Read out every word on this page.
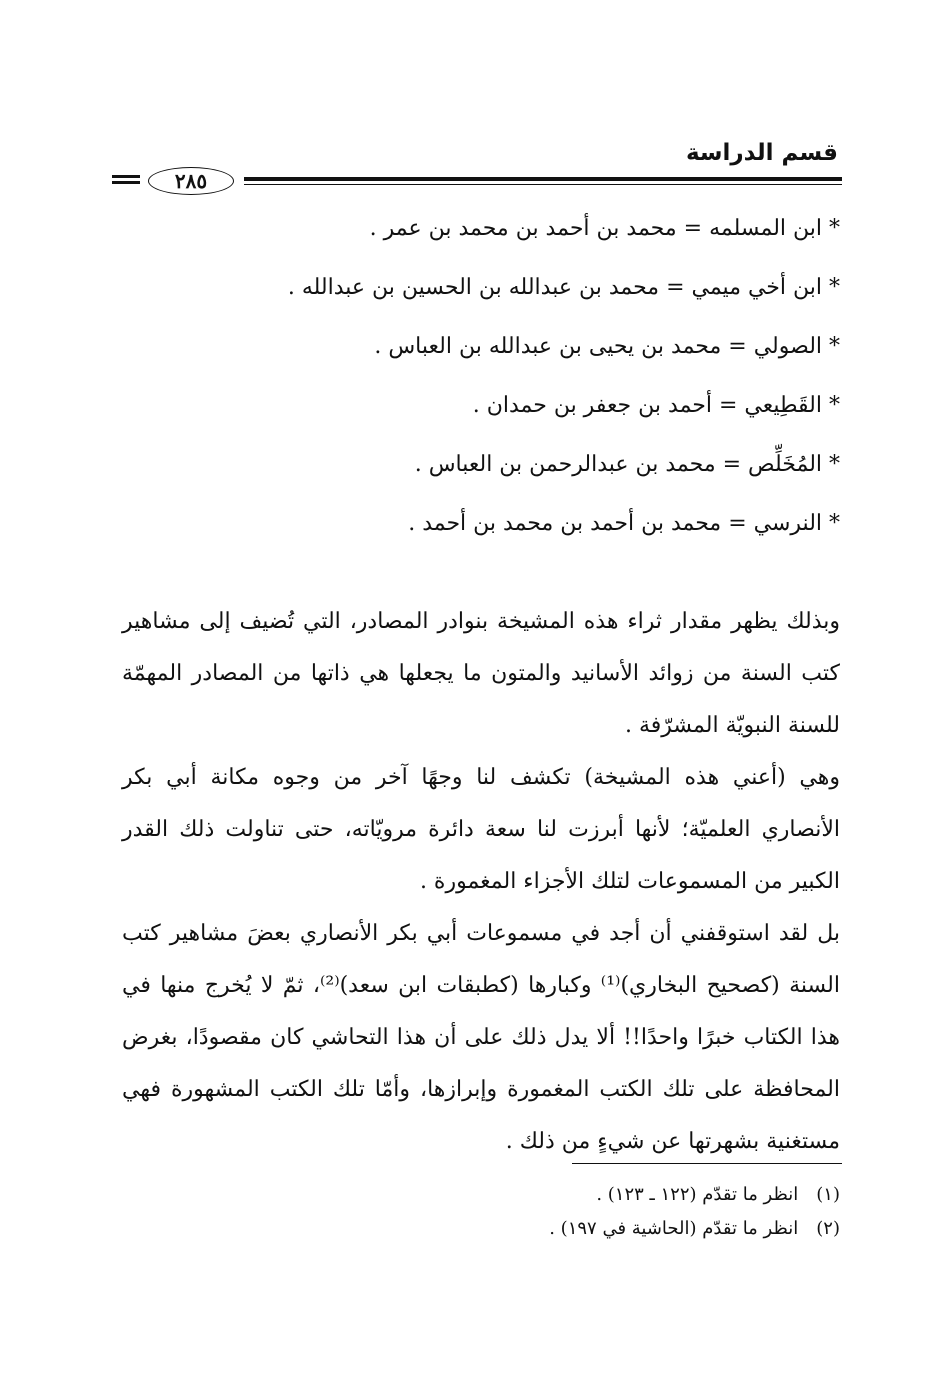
قسم الدراسة
٢٨٥
* ابن المسلمه = محمد بن أحمد بن محمد بن عمر .
* ابن أخي ميمي = محمد بن عبدالله بن الحسين بن عبدالله .
* الصولي = محمد بن يحيى بن عبدالله بن العباس .
* القَطِيعي = أحمد بن جعفر بن حمدان .
* المُخَلِّص = محمد بن عبدالرحمن بن العباس .
* النرسي = محمد بن أحمد بن محمد بن أحمد .

وبذلك يظهر مقدار ثراء هذه المشيخة بنوادر المصادر، التي تُضيف إلى مشاهير كتب السنة من زوائد الأسانيد والمتون ما يجعلها هي ذاتها من المصادر المهمّة للسنة النبويّة المشرّفة .

وهي (أعني هذه المشيخة) تكشف لنا وجهًا آخر من وجوه مكانة أبي بكر الأنصاري العلميّة؛ لأنها أبرزت لنا سعة دائرة مرويّاته، حتى تناولت ذلك القدر الكبير من المسموعات لتلك الأجزاء المغمورة .

بل لقد استوقفني أن أجد في مسموعات أبي بكر الأنصاري بعضَ مشاهير كتب السنة (كصحيح البخاري)⁽¹⁾ وكبارها (كطبقات ابن سعد)⁽²⁾، ثمّ لا يُخرج منها في هذا الكتاب خبرًا واحدًا!! ألا يدل ذلك على أن هذا التحاشي كان مقصودًا، بغرض المحافظة على تلك الكتب المغمورة وإبرازها، وأمّا تلك الكتب المشهورة فهي مستغنية بشهرتها عن شيءٍ من ذلك .

(١)انظر ما تقدّم (١٢٢ ـ ١٢٣) .
(٢)انظر ما تقدّم (الحاشية في ١٩٧) .
